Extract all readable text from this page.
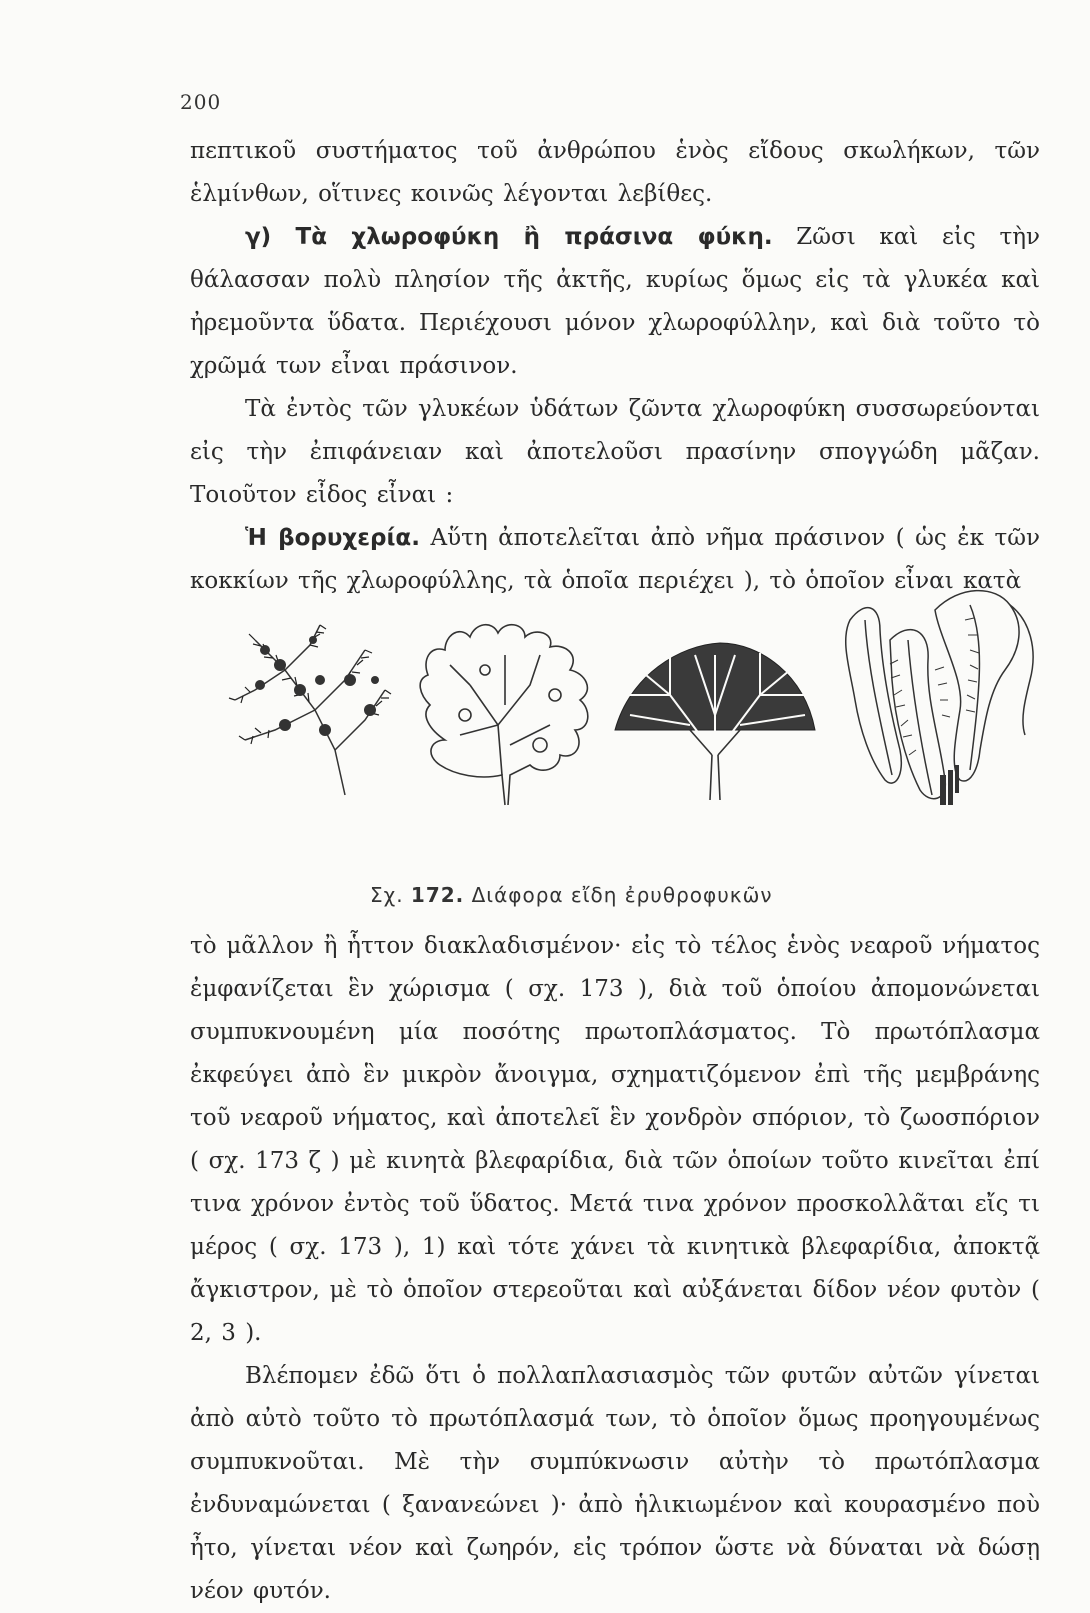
200

πεπτικοῦ συστήματος τοῦ ἀνθρώπου ἑνὸς εἴδους σκωλήκων, τῶν ἑλμίνθων, οἵτινες κοινῶς λέγονται λεβίθες.

γ) Τὰ χλωροφύκη ἢ πράσινα φύκη. Ζῶσι καὶ εἰς τὴν θάλασσαν πολὺ πλησίον τῆς ἀκτῆς, κυρίως ὅμως εἰς τὰ γλυκέα καὶ ἠρεμοῦντα ὕδατα. Περιέχουσι μόνον χλωροφύλλην, καὶ διὰ τοῦτο τὸ χρῶμά των εἶναι πράσινον.

Τὰ ἐντὸς τῶν γλυκέων ὑδάτων ζῶντα χλωροφύκη συσσωρεύονται εἰς τὴν ἐπιφάνειαν καὶ ἀποτελοῦσι πρασίνην σπογγώδη μᾶζαν. Τοιοῦτον εἶδος εἶναι :

Ἡ βορυχερία. Αὕτη ἀποτελεῖται ἀπὸ νῆμα πράσινον ( ὡς ἐκ τῶν κοκκίων τῆς χλωροφύλλης, τὰ ὁποῖα περιέχει ), τὸ ὁποῖον εἶναι κατὰ

Σχ. 172. Διάφορα εἴδη ἐρυθροφυκῶν

τὸ μᾶλλον ἢ ἧττον διακλαδισμένον· εἰς τὸ τέλος ἑνὸς νεαροῦ νήματος ἐμφανίζεται ἓν χώρισμα ( σχ. 173 ), διὰ τοῦ ὁποίου ἀπομονώνεται συμπυκνουμένη μία ποσότης πρωτοπλάσματος. Τὸ πρωτόπλασμα ἐκφεύγει ἀπὸ ἓν μικρὸν ἄνοιγμα, σχηματιζόμενον ἐπὶ τῆς μεμβράνης τοῦ νεαροῦ νήματος, καὶ ἀποτελεῖ ἓν χονδρὸν σπόριον, τὸ ζωοσπόριον ( σχ. 173 ζ ) μὲ κινητὰ βλεφαρίδια, διὰ τῶν ὁποίων τοῦτο κινεῖται ἐπί τινα χρόνον ἐντὸς τοῦ ὕδατος. Μετά τινα χρόνον προσκολλᾶται εἴς τι μέρος ( σχ. 173 ), 1) καὶ τότε χάνει τὰ κινητικὰ βλεφαρίδια, ἀποκτᾷ ἄγκιστρον, μὲ τὸ ὁποῖον στερεοῦται καὶ αὐξάνεται δίδον νέον φυτὸν ( 2, 3 ).

Βλέπομεν ἐδῶ ὅτι ὁ πολλαπλασιασμὸς τῶν φυτῶν αὐτῶν γίνεται ἀπὸ αὐτὸ τοῦτο τὸ πρωτόπλασμά των, τὸ ὁποῖον ὅμως προηγουμένως συμπυκνοῦται. Μὲ τὴν συμπύκνωσιν αὐτὴν τὸ πρωτόπλασμα ἐνδυναμώνεται ( ξανανεώνει )· ἀπὸ ἡλικιωμένον καὶ κουρασμένο ποὺ ἦτο, γίνεται νέον καὶ ζωηρόν, εἰς τρόπον ὥστε νὰ δύναται νὰ δώσῃ νέον φυτόν.
